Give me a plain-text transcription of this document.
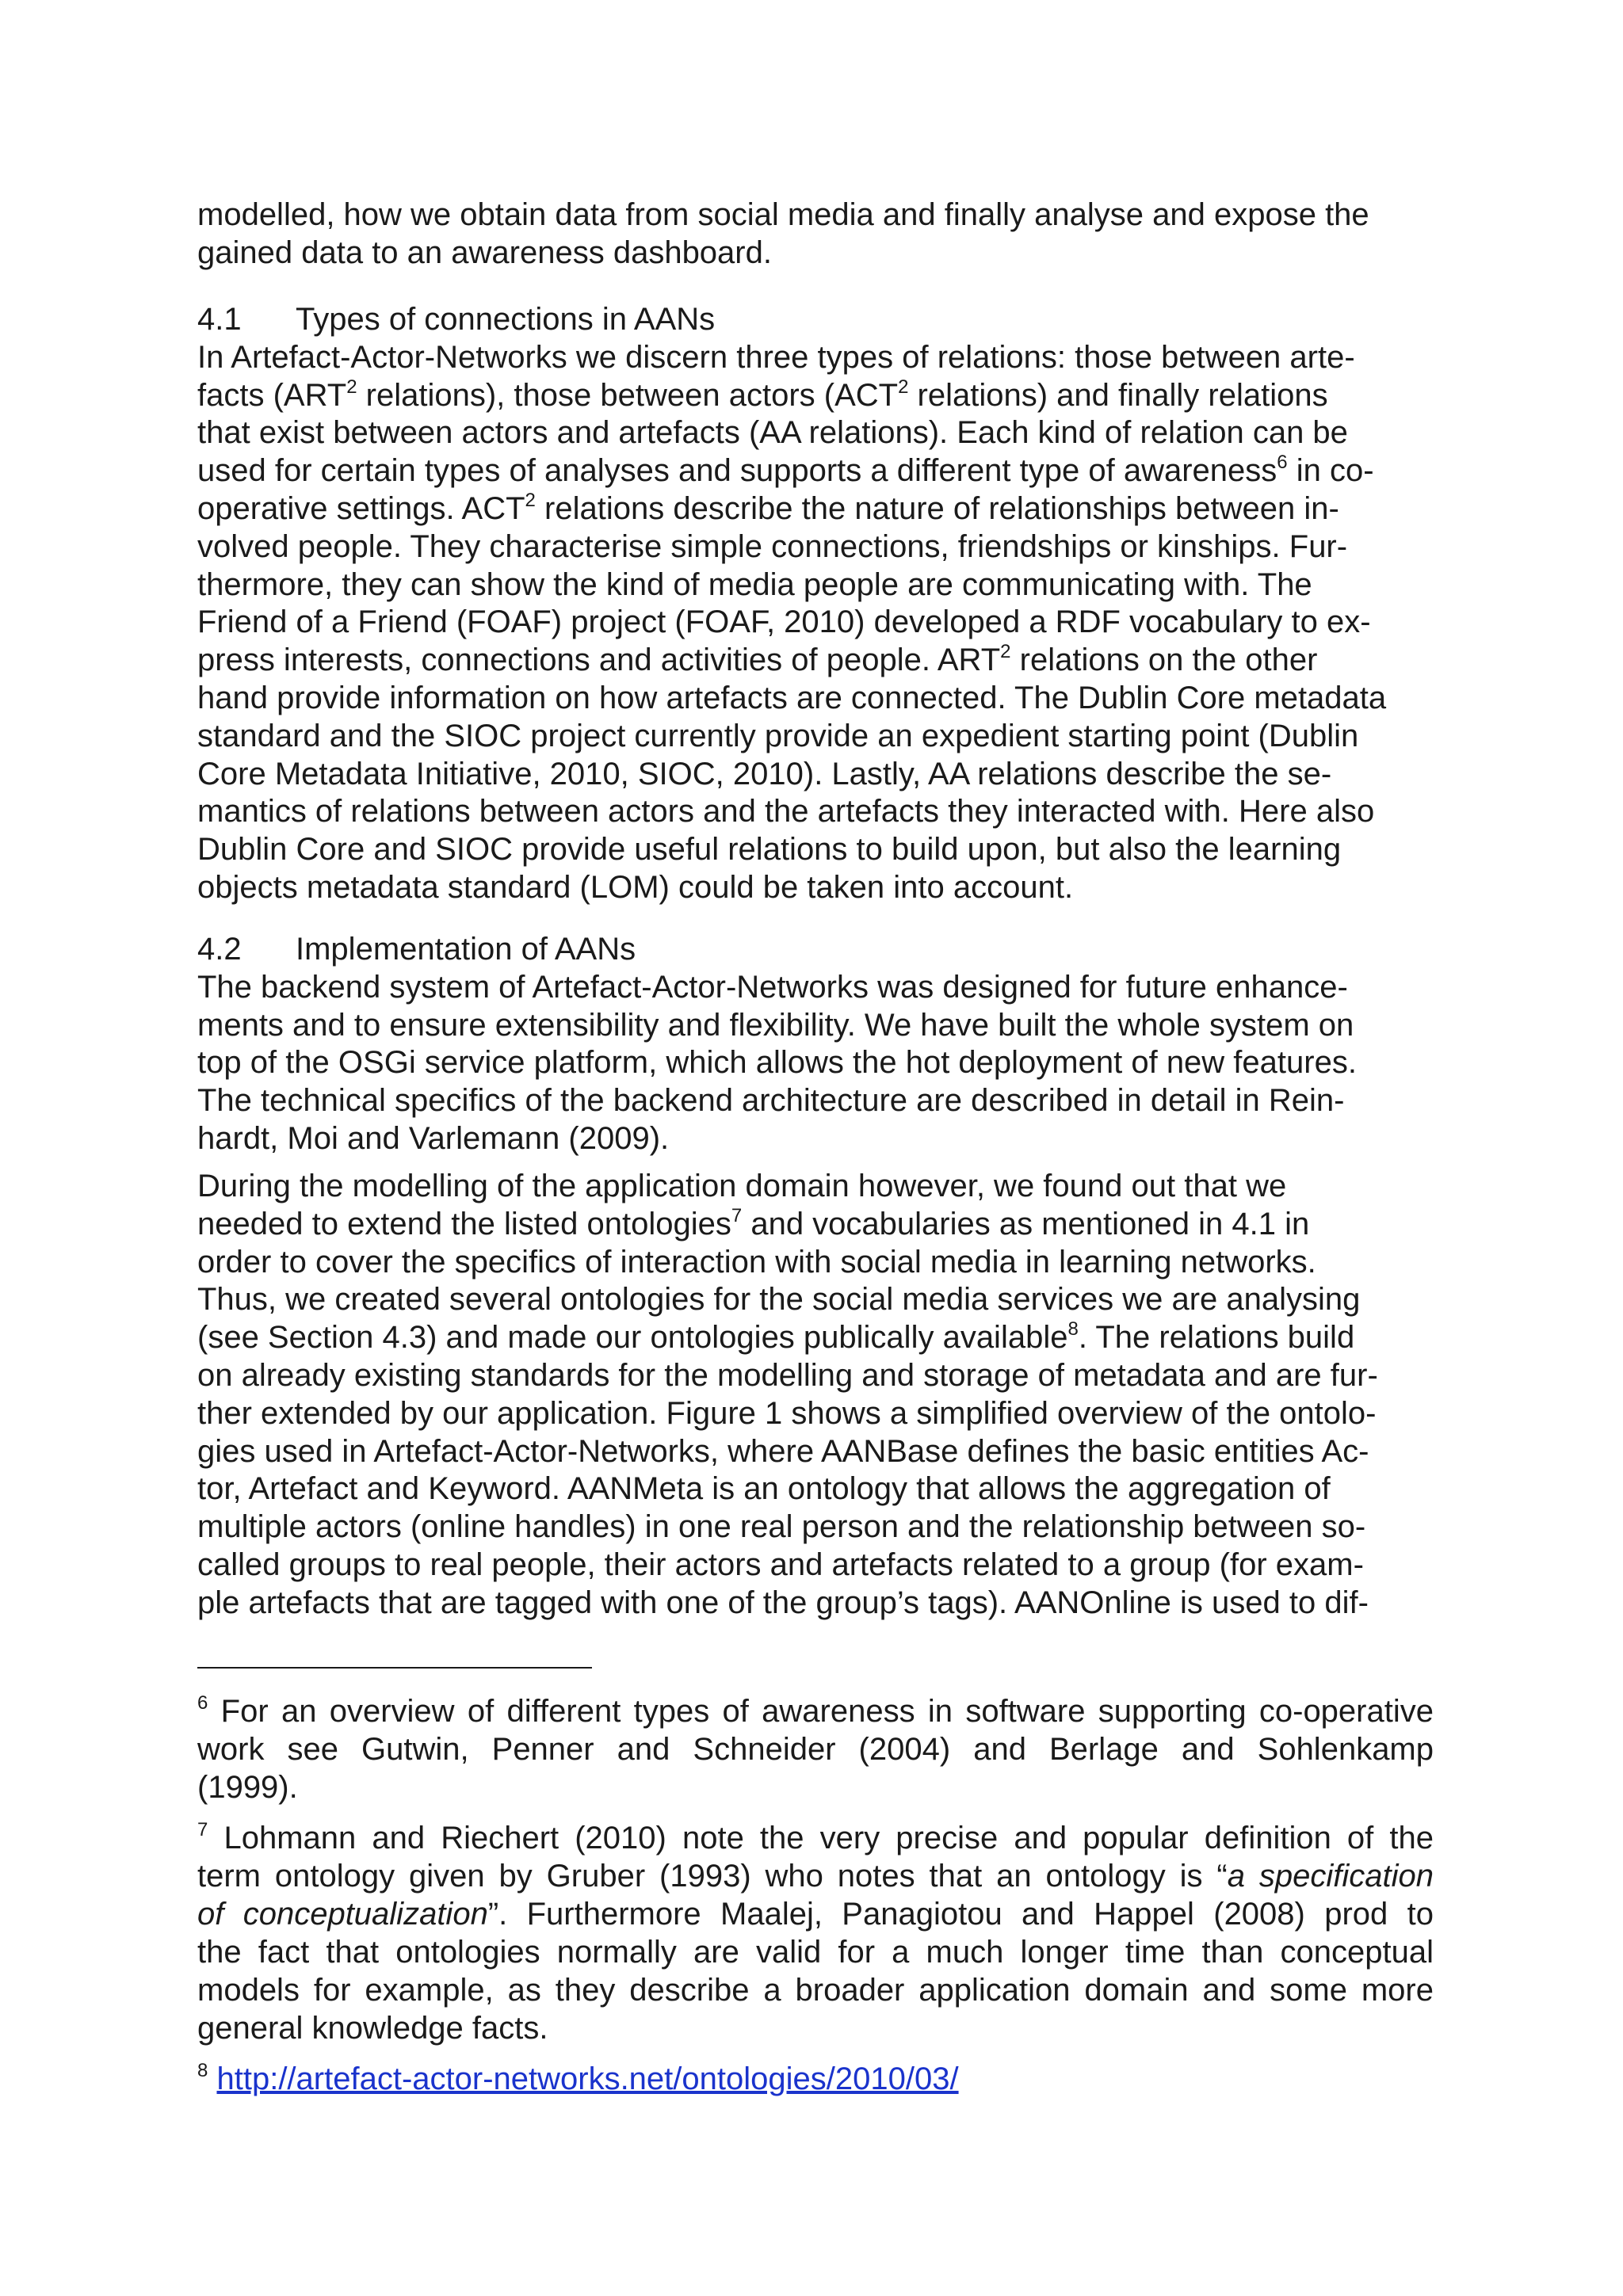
modelled, how we obtain data from social media and finally analyse and expose the
gained data to an awareness dashboard.
4.1 Types of connections in AANs
In Artefact-Actor-Networks we discern three types of relations: those between arte-
facts (ART$^2$ relations), those between actors (ACT$^2$ relations) and finally relations
that exist between actors and artefacts (AA relations). Each kind of relation can be
used for certain types of analyses and supports a different type of awareness$^6$ in co-
operative settings. ACT$^2$ relations describe the nature of relationships between in-
volved people. They characterise simple connections, friendships or kinships. Fur-
thermore, they can show the kind of media people are communicating with. The
Friend of a Friend (FOAF) project (FOAF, 2010) developed a RDF vocabulary to ex-
press interests, connections and activities of people. ART$^2$ relations on the other
hand provide information on how artefacts are connected. The Dublin Core metadata
standard and the SIOC project currently provide an expedient starting point (Dublin
Core Metadata Initiative, 2010, SIOC, 2010). Lastly, AA relations describe the se-
mantics of relations between actors and the artefacts they interacted with. Here also
Dublin Core and SIOC provide useful relations to build upon, but also the learning
objects metadata standard (LOM) could be taken into account.
4.2 Implementation of AANs
The backend system of Artefact-Actor-Networks was designed for future enhance-
ments and to ensure extensibility and flexibility. We have built the whole system on
top of the OSGi service platform, which allows the hot deployment of new features.
The technical specifics of the backend architecture are described in detail in Rein-
hardt, Moi and Varlemann (2009).
During the modelling of the application domain however, we found out that we
needed to extend the listed ontologies$^7$ and vocabularies as mentioned in 4.1 in
order to cover the specifics of interaction with social media in learning networks.
Thus, we created several ontologies for the social media services we are analysing
(see Section 4.3) and made our ontologies publically available$^8$. The relations build
on already existing standards for the modelling and storage of metadata and are fur-
ther extended by our application. Figure 1 shows a simplified overview of the ontolo-
gies used in Artefact-Actor-Networks, where AANBase defines the basic entities Ac-
tor, Artefact and Keyword. AANMeta is an ontology that allows the aggregation of
multiple actors (online handles) in one real person and the relationship between so-
called groups to real people, their actors and artefacts related to a group (for exam-
ple artefacts that are tagged with one of the group’s tags). AANOnline is used to dif-
$^6$ For an overview of different types of awareness in software supporting co-operative
work see Gutwin, Penner and Schneider (2004) and Berlage and Sohlenkamp
(1999).
$^7$ Lohmann and Riechert (2010) note the very precise and popular definition of the
term ontology given by Gruber (1993) who notes that an ontology is “a specification
of conceptualization”. Furthermore Maalej, Panagiotou and Happel (2008) prod to
the fact that ontologies normally are valid for a much longer time than conceptual
models for example, as they describe a broader application domain and some more
general knowledge facts.
$^8$ http://artefact-actor-networks.net/ontologies/2010/03/
